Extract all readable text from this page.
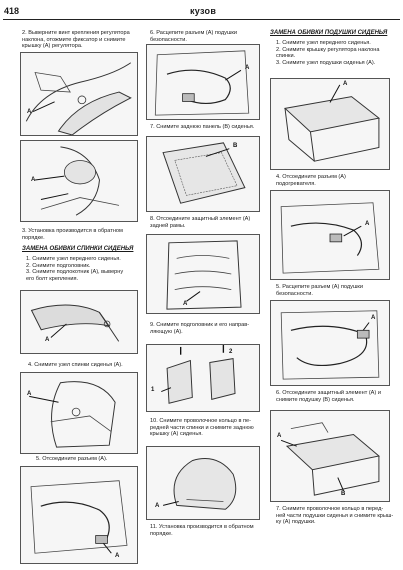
418	кузов
2. Выверните винт крепления регулятора
наклона, отожмите фиксатор и снимите
крышку (A) регулятора.
A
A
3. Установка производится в обратном
порядке.
ЗАМЕНА ОБИВКИ СПИНКИ СИДЕНЬЯ
1. Снимите узел переднего сиденья.
2. Снимите подголовник.
3. Снимите подлокотник (A), выверну
его болт крепления.
A
4. Снимите узел спинки сиденья (A).
A
5. Отсоедините разъем (A).
A
6. Расцепите разъем (A) подушки
безопасности.
A
7. Снимите заднюю панель (B) сиденья.
B
8. Отсоедините защитный элемент (A)
задней рамы.
A
9. Снимите подголовник и его направ-
ляющую (A).
2
1
10. Снимите проволочное кольцо в пе-
редней части спинки и снимите заднюю
крышку (A) сиденья.
A
11. Установка производится в обратном
порядке.
ЗАМЕНА ОБИВКИ ПОДУШКИ СИДЕНЬЯ
1. Снимите узел переднего сиденья.
2. Снимите крышку регулятора наклона
спинки.
3. Снимите узел подушки сиденья (A).
A
4. Отсоедините разъем (A)
подогревателя.
A
5. Расцепите разъем (A) подушки
безопасности.
A
6. Отсоедините защитный элемент (A) и
снимите подушку (B) сиденья.
A
B
7. Снимите проволочное кольцо в перед-
ней части подушки сиденья и снимите крыш-
ку (A) подушки.
